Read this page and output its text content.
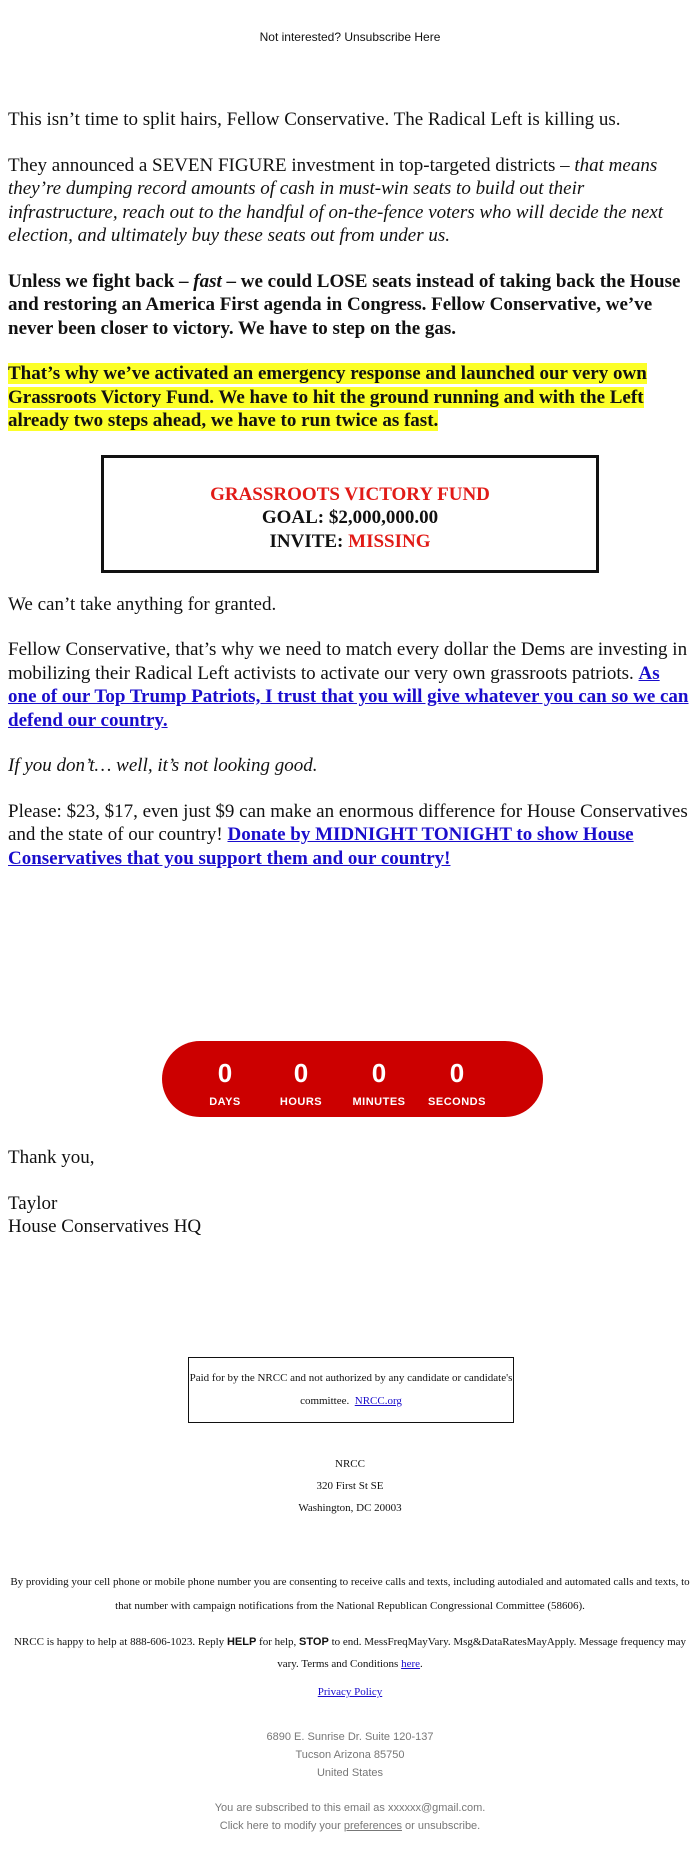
Not interested? Unsubscribe Here

This isn’t time to split hairs, Fellow Conservative. The Radical Left is killing us.

They announced a SEVEN FIGURE investment in top-targeted districts – that means they’re dumping record amounts of cash in must-win seats to build out their infrastructure, reach out to the handful of on-the-fence voters who will decide the next election, and ultimately buy these seats out from under us.

Unless we fight back – fast – we could LOSE seats instead of taking back the House and restoring an America First agenda in Congress. Fellow Conservative, we’ve never been closer to victory. We have to step on the gas.

That’s why we’ve activated an emergency response and launched our very own Grassroots Victory Fund. We have to hit the ground running and with the Left already two steps ahead, we have to run twice as fast.

GRASSROOTS VICTORY FUND
GOAL: $2,000,000.00
INVITE: MISSING

We can’t take anything for granted.

Fellow Conservative, that’s why we need to match every dollar the Dems are investing in mobilizing their Radical Left activists to activate our very own grassroots patriots. As one of our Top Trump Patriots, I trust that you will give whatever you can so we can defend our country.

If you don’t… well, it’s not looking good.

Please: $23, $17, even just $9 can make an enormous difference for House Conservatives and the state of our country! Donate by MIDNIGHT TONIGHT to show House Conservatives that you support them and our country!

0
DAYS
0
HOURS
0
MINUTES
0
SECONDS

Thank you,

Taylor
House Conservatives HQ
Paid for by the NRCC and not authorized by any candidate or candidate's committee. NRCC.org
NRCC
320 First St SE
Washington, DC 20003
By providing your cell phone or mobile phone number you are consenting to receive calls and texts, including autodialed and automated calls and texts, to that number with campaign notifications from the National Republican Congressional Committee (58606).
NRCC is happy to help at 888-606-1023. Reply HELP for help, STOP to end. MessFreqMayVary. Msg&DataRatesMayApply. Message frequency may vary. Terms and Conditions here.
Privacy Policy
6890 E. Sunrise Dr. Suite 120-137
Tucson Arizona 85750
United States
You are subscribed to this email as xxxxxx@gmail.com.
Click here to modify your preferences or unsubscribe.
